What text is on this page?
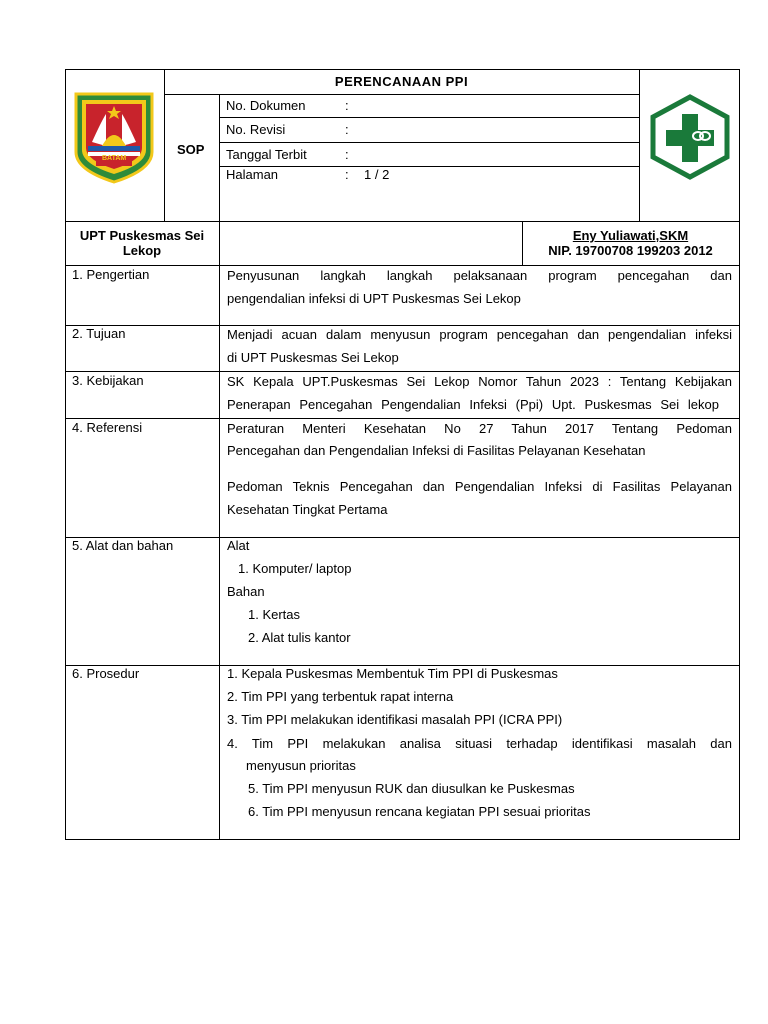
BATAM
PERENCANAAN PPI
SOP
No. Dokumen	:
No. Revisi	:
Tanggal Terbit	:
Halaman	: 1 / 2
UPT Puskesmas Sei
Lekop
Eny Yuliawati,SKM
NIP. 19700708 199203 2012
1. Pengertian	Penyusunan langkah langkah pelaksanaan program pencegahan dan
pengendalian infeksi di UPT Puskesmas Sei Lekop
2. Tujuan	Menjadi acuan dalam menyusun program pencegahan dan pengendalian infeksi
di UPT Puskesmas Sei Lekop
3. Kebijakan	SK Kepala UPT.Puskesmas Sei Lekop Nomor Tahun 2023 : Tentang Kebijakan
Penerapan Pencegahan Pengendalian Infeksi (Ppi) Upt. Puskesmas Sei lekop
4. Referensi	Peraturan Menteri Kesehatan No 27 Tahun 2017 Tentang Pedoman
Pencegahan dan Pengendalian Infeksi di Fasilitas Pelayanan Kesehatan
Pedoman Teknis Pencegahan dan Pengendalian Infeksi di Fasilitas Pelayanan
Kesehatan Tingkat Pertama
5. Alat dan bahan	Alat
1. Komputer/ laptop
Bahan
1. Kertas
2. Alat tulis kantor
6. Prosedur	1. Kepala Puskesmas Membentuk Tim PPI di Puskesmas
2. Tim PPI yang terbentuk rapat interna
3. Tim PPI melakukan identifikasi masalah PPI (ICRA PPI)
4. Tim PPI melakukan analisa situasi terhadap identifikasi masalah dan
menyusun prioritas
5. Tim PPI menyusun RUK dan diusulkan ke Puskesmas
6. Tim PPI menyusun rencana kegiatan PPI sesuai prioritas
